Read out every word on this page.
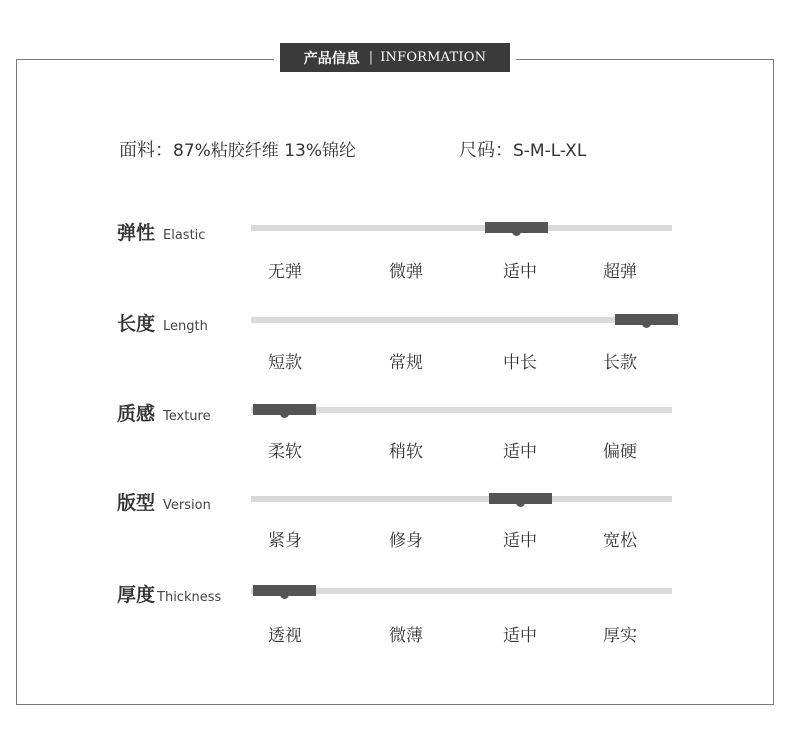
产品信息 | INFORMATION
面料：87%粘胶纤维 13%锦纶	尺码：S-M-L-XL
弹性 Elastic
无弹	微弹	适中	超弹
长度 Length
短款	常规	中长	长款
质感 Texture
柔软	稍软	适中	偏硬
版型 Version
紧身	修身	适中	宽松
厚度 Thickness
透视	微薄	适中	厚实
